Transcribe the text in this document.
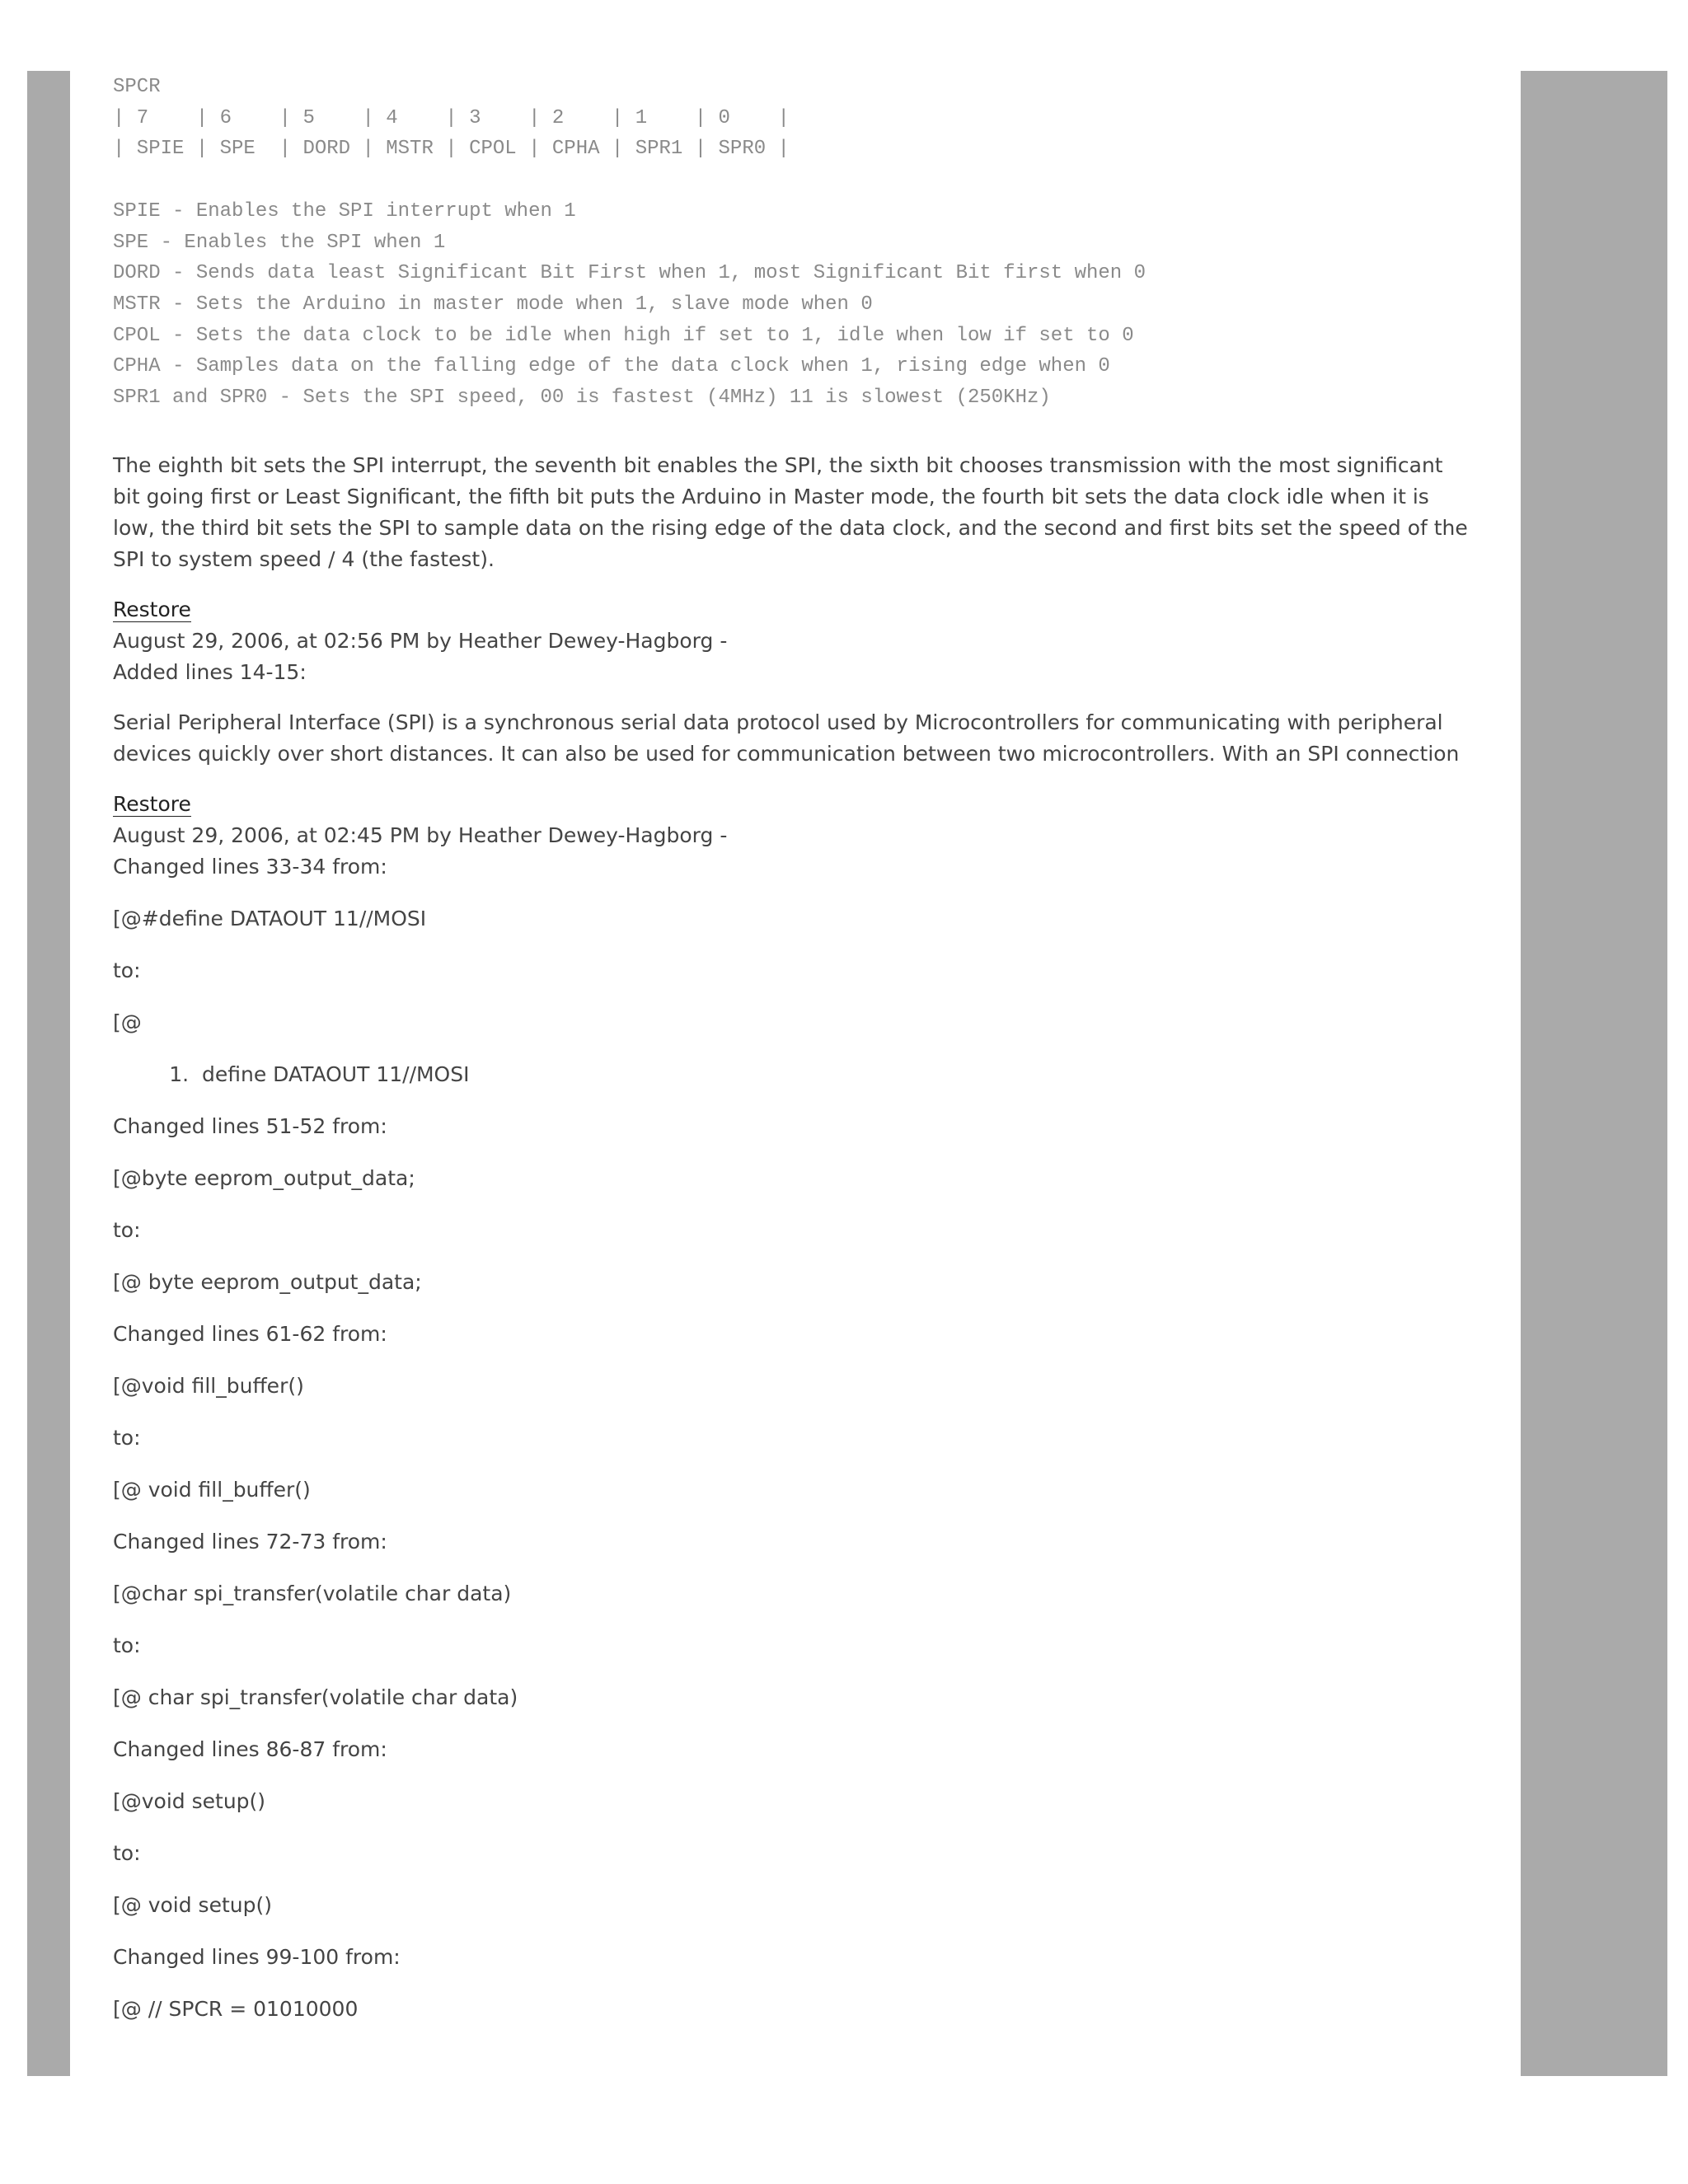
SPCR
| 7    | 6    | 5    | 4    | 3    | 2    | 1    | 0    |
| SPIE | SPE  | DORD | MSTR | CPOL | CPHA | SPR1 | SPR0 |

SPIE - Enables the SPI interrupt when 1
SPE - Enables the SPI when 1
DORD - Sends data least Significant Bit First when 1, most Significant Bit first when 0
MSTR - Sets the Arduino in master mode when 1, slave mode when 0
CPOL - Sets the data clock to be idle when high if set to 1, idle when low if set to 0
CPHA - Samples data on the falling edge of the data clock when 1, rising edge when 0
SPR1 and SPR0 - Sets the SPI speed, 00 is fastest (4MHz) 11 is slowest (250KHz)

The eighth bit sets the SPI interrupt, the seventh bit enables the SPI, the sixth bit chooses transmission with the most significant bit going first or Least Significant, the fifth bit puts the Arduino in Master mode, the fourth bit sets the data clock idle when it is low, the third bit sets the SPI to sample data on the rising edge of the data clock, and the second and first bits set the speed of the SPI to system speed / 4 (the fastest).

Restore

August 29, 2006, at 02:56 PM by Heather Dewey-Hagborg -

Added lines 14-15:

Serial Peripheral Interface (SPI) is a synchronous serial data protocol used by Microcontrollers for communicating with peripheral devices quickly over short distances. It can also be used for communication between two microcontrollers. With an SPI connection

Restore

August 29, 2006, at 02:45 PM by Heather Dewey-Hagborg -

Changed lines 33-34 from:

[@#define DATAOUT 11//MOSI

to:

[@

1. define DATAOUT 11//MOSI

Changed lines 51-52 from:

[@byte eeprom_output_data;

to:

[@ byte eeprom_output_data;

Changed lines 61-62 from:

[@void fill_buffer()

to:

[@ void fill_buffer()

Changed lines 72-73 from:

[@char spi_transfer(volatile char data)

to:

[@ char spi_transfer(volatile char data)

Changed lines 86-87 from:

[@void setup()

to:

[@ void setup()

Changed lines 99-100 from:

[@ // SPCR = 01010000
